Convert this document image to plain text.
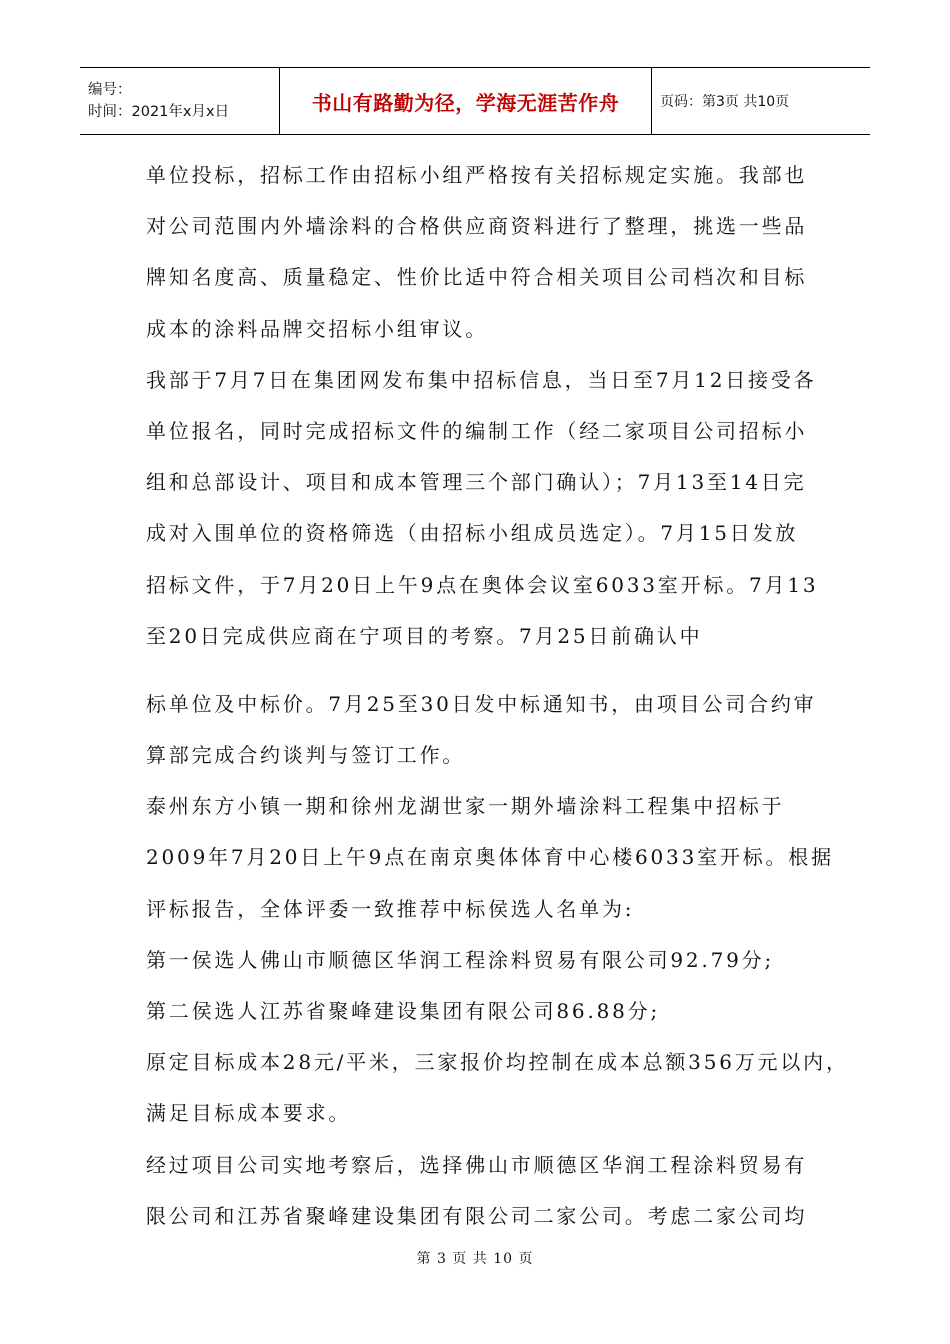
编号：
时间：2021年x月x日	书山有路勤为径，学海无涯苦作舟	页码：第3页 共10页
单位投标，招标工作由招标小组严格按有关招标规定实施。我部也
对公司范围内外墙涂料的合格供应商资料进行了整理，挑选一些品
牌知名度高、质量稳定、性价比适中符合相关项目公司档次和目标
成本的涂料品牌交招标小组审议。
我部于7月7日在集团网发布集中招标信息，当日至7月12日接受各
单位报名，同时完成招标文件的编制工作（经二家项目公司招标小
组和总部设计、项目和成本管理三个部门确认）；7月13至14日完
成对入围单位的资格筛选（由招标小组成员选定）。7月15日发放
招标文件，于7月20日上午9点在奥体会议室6033室开标。7月13
至20日完成供应商在宁项目的考察。7月25日前确认中
标单位及中标价。7月25至30日发中标通知书，由项目公司合约审
算部完成合约谈判与签订工作。
泰州东方小镇一期和徐州龙湖世家一期外墙涂料工程集中招标于
2009年7月20日上午9点在南京奥体体育中心楼6033室开标。根据
评标报告，全体评委一致推荐中标侯选人名单为:
第一侯选人佛山市顺德区华润工程涂料贸易有限公司92.79分;
第二侯选人江苏省聚峰建设集团有限公司86.88分;
原定目标成本28元/平米，三家报价均控制在成本总额356万元以内，
满足目标成本要求。
经过项目公司实地考察后，选择佛山市顺德区华润工程涂料贸易有
限公司和江苏省聚峰建设集团有限公司二家公司。考虑二家公司均
第 3 页 共 10 页
